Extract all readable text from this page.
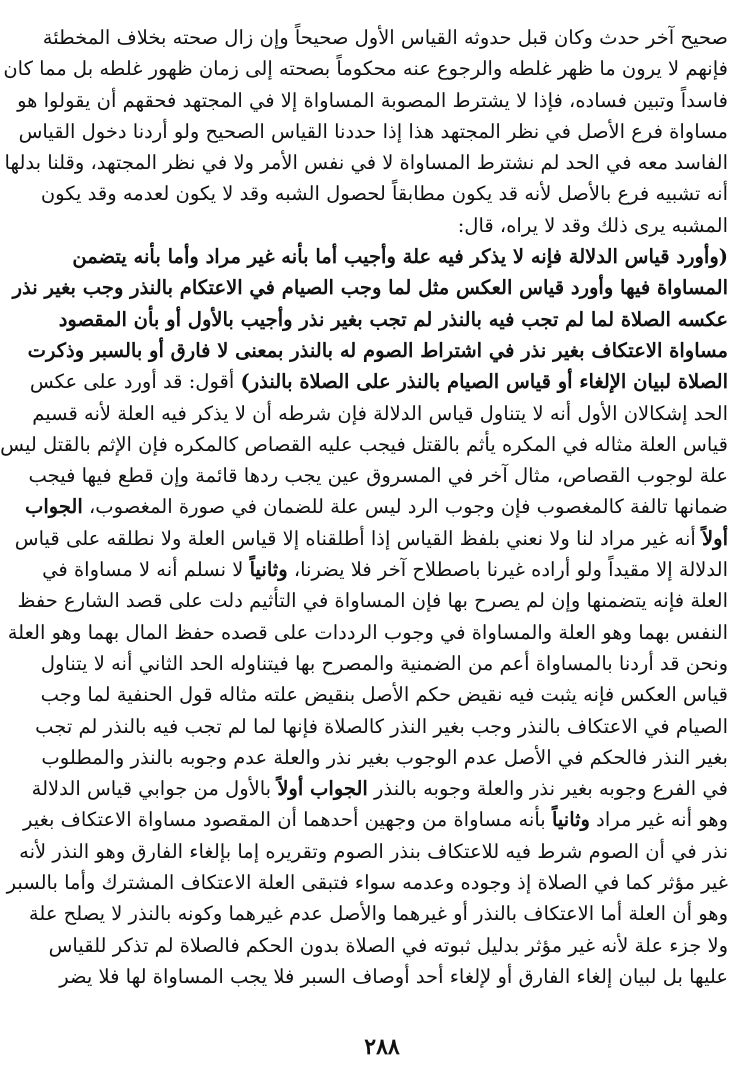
صحيح آخر حدث وكان قبل حدوثه القياس الأول صحيحاً وإن زال صحته بخلاف المخطئة
فإنهم لا يرون ما ظهر غلطه والرجوع عنه محكوماً بصحته إلى زمان ظهور غلطه بل مما كان
فاسداً وتبين فساده، فإذا لا يشترط المصوبة المساواة إلا في المجتهد فحقهم أن يقولوا هو
مساواة فرع الأصل في نظر المجتهد هذا إذا حددنا القياس الصحيح ولو أردنا دخول القياس
الفاسد معه في الحد لم نشترط المساواة لا في نفس الأمر ولا في نظر المجتهد، وقلنا بدلها
أنه تشبيه فرع بالأصل لأنه قد يكون مطابقاً لحصول الشبه وقد لا يكون لعدمه وقد يكون
المشبه يرى ذلك وقد لا يراه، قال:
(وأورد قياس الدلالة فإنه لا يذكر فيه علة وأجيب أما بأنه غير مراد وأما بأنه يتضمن
المساواة فيها وأورد قياس العكس مثل لما وجب الصيام في الاعتكام بالنذر وجب بغير نذر
عكسه الصلاة لما لم تجب فيه بالنذر لم تجب بغير نذر وأجيب بالأول أو بأن المقصود
مساواة الاعتكاف بغير نذر في اشتراط الصوم له بالنذر بمعنى لا فارق أو بالسبر وذكرت
الصلاة لبيان الإلغاء أو قياس الصيام بالنذر على الصلاة بالنذر) أقول: قد أورد على عكس
الحد إشكالان الأول أنه لا يتناول قياس الدلالة فإن شرطه أن لا يذكر فيه العلة لأنه قسيم
قياس العلة مثاله في المكره يأثم بالقتل فيجب عليه القصاص كالمكره فإن الإثم بالقتل ليس
علة لوجوب القصاص، مثال آخر في المسروق عين يجب ردها قائمة وإن قطع فيها فيجب
ضمانها تالفة كالمغصوب فإن وجوب الرد ليس علة للضمان في صورة المغصوب، الجواب
أولاً أنه غير مراد لنا ولا نعني بلفظ القياس إذا أطلقناه إلا قياس العلة ولا نطلقه على قياس
الدلالة إلا مقيداً ولو أراده غيرنا باصطلاح آخر فلا يضرنا، وثانياً لا نسلم أنه لا مساواة في
العلة فإنه يتضمنها وإن لم يصرح بها فإن المساواة في التأثيم دلت على قصد الشارع حفظ
النفس بهما وهو العلة والمساواة في وجوب الرددات على قصده حفظ المال بهما وهو العلة
ونحن قد أردنا بالمساواة أعم من الضمنية والمصرح بها فيتناوله الحد الثاني أنه لا يتناول
قياس العكس فإنه يثبت فيه نقيض حكم الأصل بنقيض علته مثاله قول الحنفية لما وجب
الصيام في الاعتكاف بالنذر وجب بغير النذر كالصلاة فإنها لما لم تجب فيه بالنذر لم تجب
بغير النذر فالحكم في الأصل عدم الوجوب بغير نذر والعلة عدم وجوبه بالنذر والمطلوب
في الفرع وجوبه بغير نذر والعلة وجوبه بالنذر الجواب أولاً بالأول من جوابي قياس الدلالة
وهو أنه غير مراد وثانياً بأنه مساواة من وجهين أحدهما أن المقصود مساواة الاعتكاف بغير
نذر في أن الصوم شرط فيه للاعتكاف بنذر الصوم وتقريره إما بإلغاء الفارق وهو النذر لأنه
غير مؤثر كما في الصلاة إذ وجوده وعدمه سواء فتبقى العلة الاعتكاف المشترك وأما بالسبر
وهو أن العلة أما الاعتكاف بالنذر أو غيرهما والأصل عدم غيرهما وكونه بالنذر لا يصلح علة
ولا جزء علة لأنه غير مؤثر بدليل ثبوته في الصلاة بدون الحكم فالصلاة لم تذكر للقياس
عليها بل لبيان إلغاء الفارق أو لإلغاء أحد أوصاف السبر فلا يجب المساواة لها فلا يضر
٢٨٨
